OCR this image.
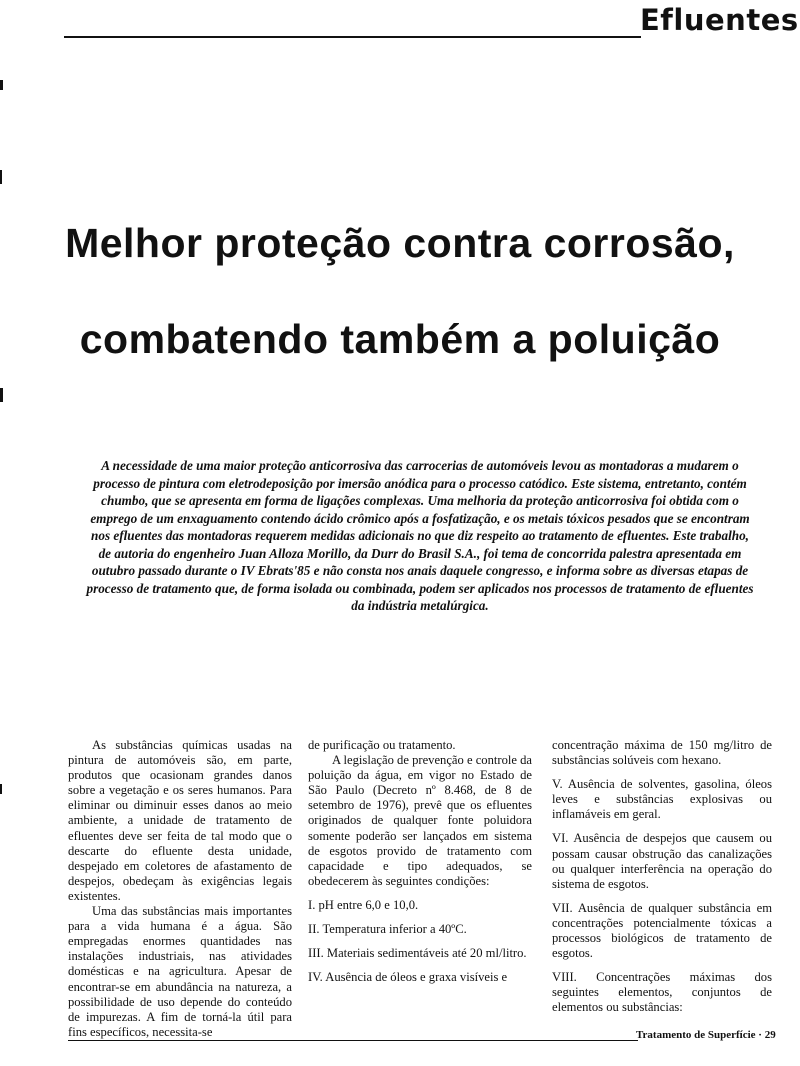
Efluentes
Melhor proteção contra corrosão,
combatendo também a poluição
A necessidade de uma maior proteção anticorrosiva das carrocerias de automóveis levou as montadoras a mudarem o processo de pintura com eletrodeposição por imersão anódica para o processo catódico. Este sistema, entretanto, contém chumbo, que se apresenta em forma de ligações complexas. Uma melhoria da proteção anticorrosiva foi obtida com o emprego de um enxaguamento contendo ácido crômico após a fosfatização, e os metais tóxicos pesados que se encontram nos efluentes das montadoras requerem medidas adicionais no que diz respeito ao tratamento de efluentes. Este trabalho, de autoria do engenheiro Juan Alloza Morillo, da Durr do Brasil S.A., foi tema de concorrida palestra apresentada em outubro passado durante o IV Ebrats'85 e não consta nos anais daquele congresso, e informa sobre as diversas etapas de processo de tratamento que, de forma isolada ou combinada, podem ser aplicados nos processos de tratamento de efluentes da indústria metalúrgica.

As substâncias químicas usadas na pintura de automóveis são, em parte, produtos que ocasionam grandes danos sobre a vegetação e os seres humanos. Para eliminar ou diminuir esses danos ao meio ambiente, a unidade de tratamento de efluentes deve ser feita de tal modo que o descarte do efluente desta unidade, despejado em coletores de afastamento de despejos, obedeçam às exigências legais existentes.

Uma das substâncias mais importantes para a vida humana é a água. São empregadas enormes quantidades nas instalações industriais, nas atividades domésticas e na agricultura. Apesar de encontrar-se em abundância na natureza, a possibilidade de uso depende do conteúdo de impurezas. A fim de torná-la útil para fins específicos, necessita-se

de purificação ou tratamento.

A legislação de prevenção e controle da poluição da água, em vigor no Estado de São Paulo (Decreto nº 8.468, de 8 de setembro de 1976), prevê que os efluentes originados de qualquer fonte poluidora somente poderão ser lançados em sistema de esgotos provido de tratamento com capacidade e tipo adequados, se obedecerem às seguintes condições:

I. pH entre 6,0 e 10,0.

II. Temperatura inferior a 40ºC.

III. Materiais sedimentáveis até 20 ml/litro.

IV. Ausência de óleos e graxa visíveis e

concentração máxima de 150 mg/litro de substâncias solúveis com hexano.

V. Ausência de solventes, gasolina, óleos leves e substâncias explosivas ou inflamáveis em geral.

VI. Ausência de despejos que causem ou possam causar obstrução das canalizações ou qualquer interferência na operação do sistema de esgotos.

VII. Ausência de qualquer substância em concentrações potencialmente tóxicas a processos biológicos de tratamento de esgotos.

VIII. Concentrações máximas dos seguintes elementos, conjuntos de elementos ou substâncias:

Tratamento de Superfície · 29
